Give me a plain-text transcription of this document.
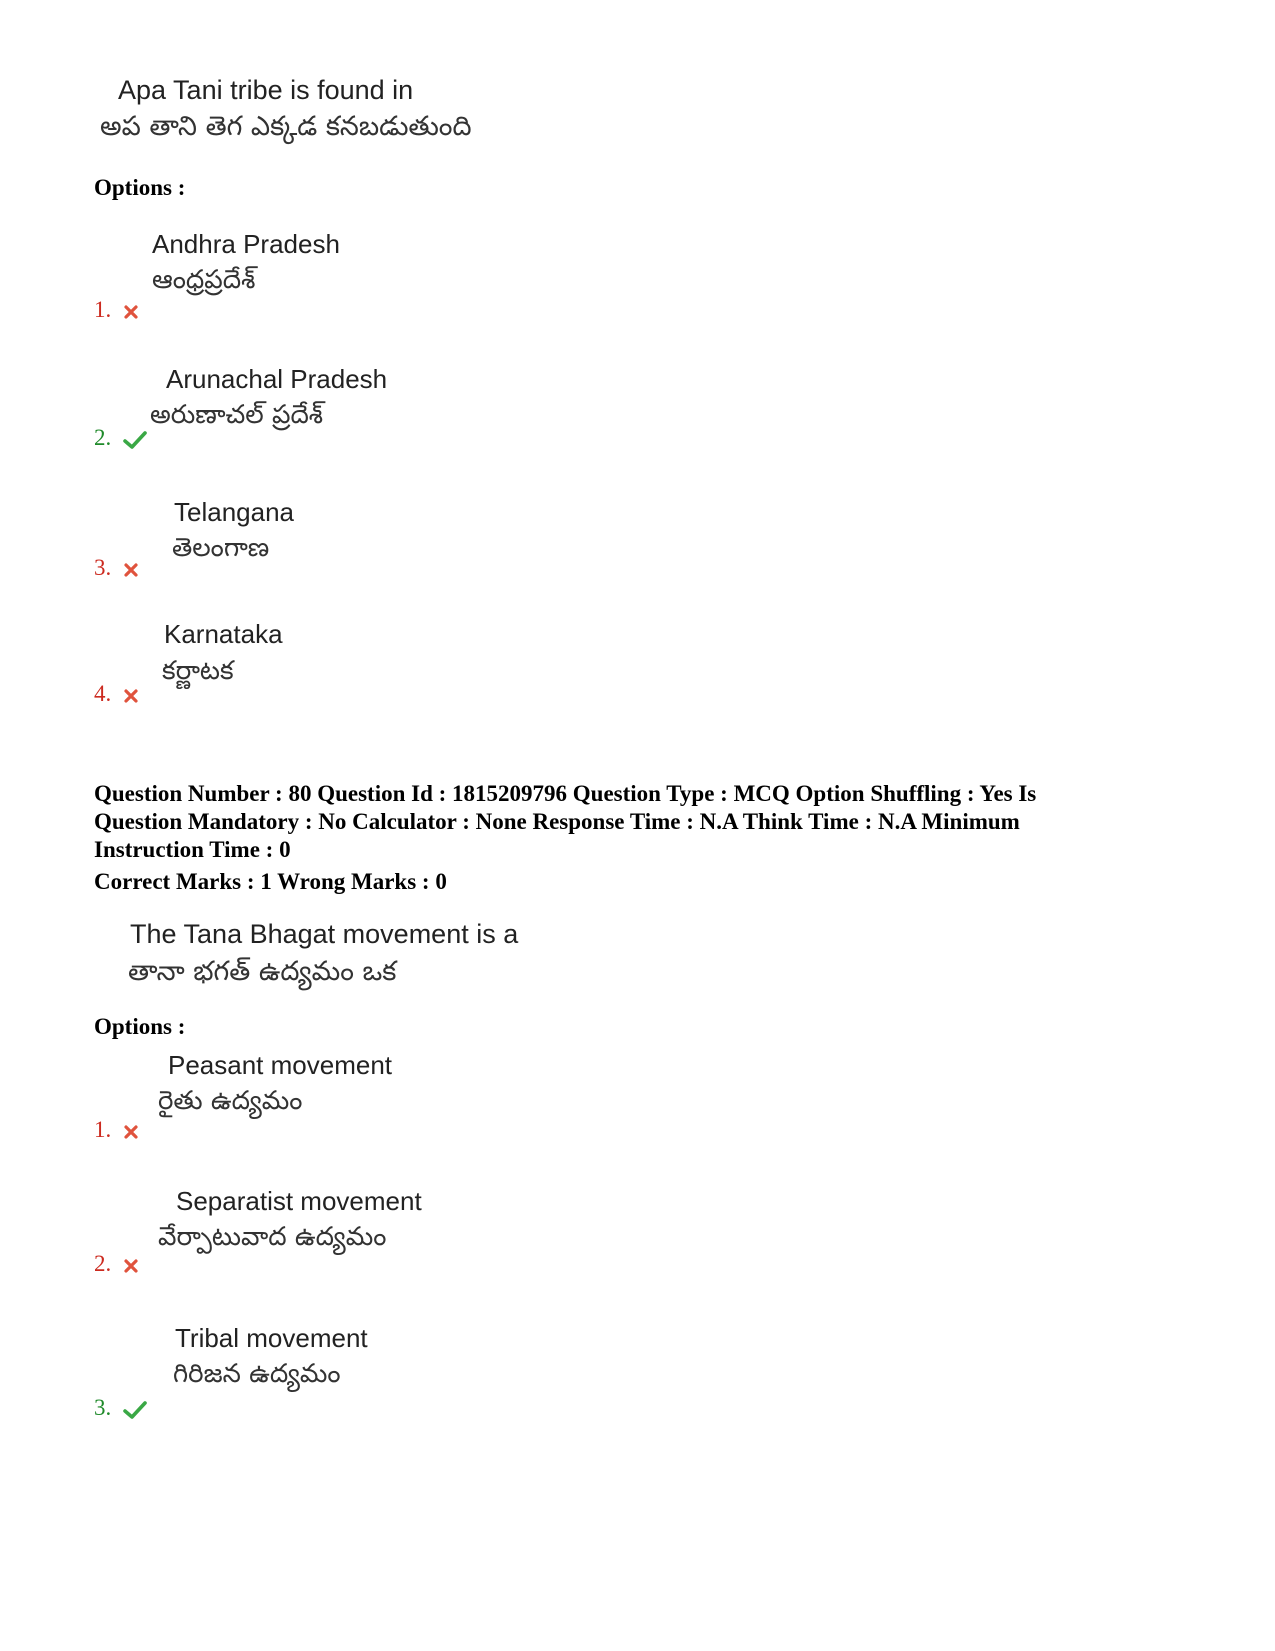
Apa Tani tribe is found in
అప తాని తెగ ఎక్కడ కనబడుతుంది
Options :
Andhra Pradesh
ఆంధ్రప్రదేశ్
1.
Arunachal Pradesh
అరుణాచల్ ప్రదేశ్
2.
Telangana
తెలంగాణ
3.
Karnataka
కర్ణాటక
4.
Question Number : 80 Question Id : 1815209796 Question Type : MCQ Option Shuffling : Yes Is
Question Mandatory : No Calculator : None Response Time : N.A Think Time : N.A Minimum
Instruction Time : 0
Correct Marks : 1 Wrong Marks : 0
The Tana Bhagat movement is a
తానా భగత్ ఉద్యమం ఒక
Options :
Peasant movement
రైతు ఉద్యమం
1.
Separatist movement
వేర్పాటువాద ఉద్యమం
2.
Tribal movement
గిరిజన ఉద్యమం
3.
